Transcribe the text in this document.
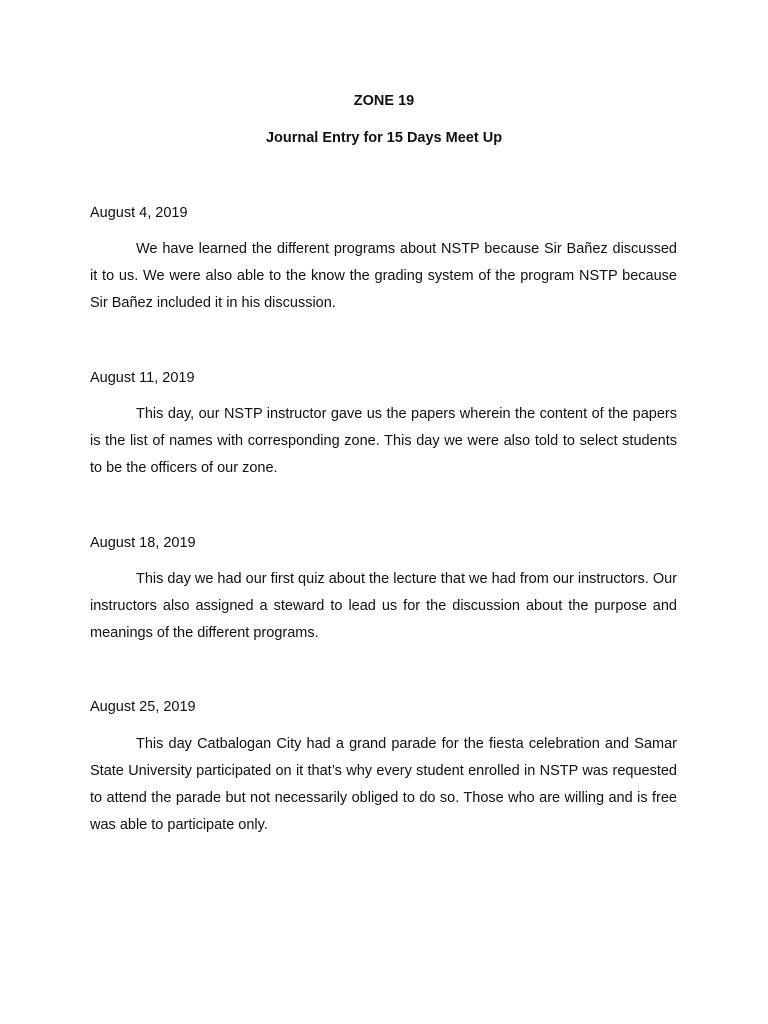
ZONE 19
Journal Entry for 15 Days Meet Up
August 4, 2019

We have learned the different programs about NSTP because Sir Bañez discussed it to us. We were also able to the know the grading system of the program NSTP because Sir Bañez included it in his discussion.

August 11, 2019

This day, our NSTP instructor gave us the papers wherein the content of the papers is the list of names with corresponding zone. This day we were also told to select students to be the officers of our zone.

August 18, 2019

This day we had our first quiz about the lecture that we had from our instructors. Our instructors also assigned a steward to lead us for the discussion about the purpose and meanings of the different programs.

August 25, 2019

This day Catbalogan City had a grand parade for the fiesta celebration and Samar State University participated on it that’s why every student enrolled in NSTP was requested to attend the parade but not necessarily obliged to do so. Those who are willing and is free was able to participate only.
